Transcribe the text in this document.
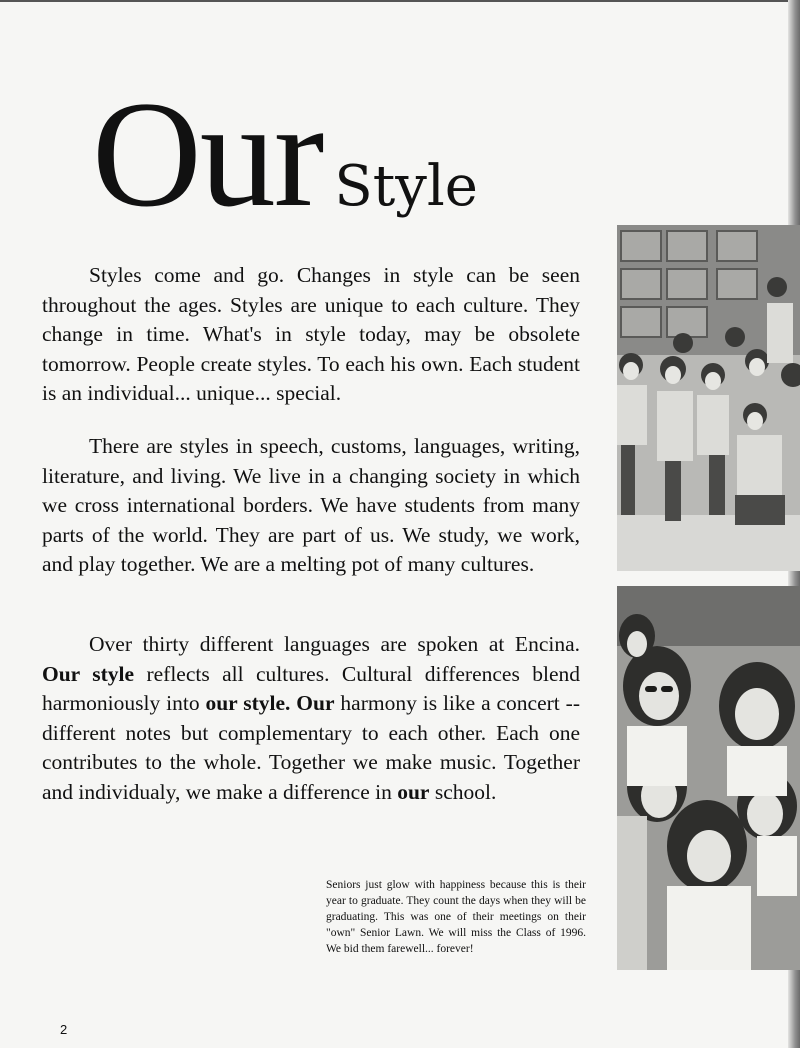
Our Style

Styles come and go. Changes in style can be seen throughout the ages. Styles are unique to each culture. They change in time. What's in style today, may be obsolete tomorrow. People create styles. To each his own. Each student is an individual... unique... special.

There are styles in speech, customs, languages, writing, literature, and living. We live in a changing society in which we cross international borders. We have students from many parts of the world. They are part of us. We study, we work, and play together. We are a melting pot of many cultures.

Over thirty different languages are spoken at Encina. Our style reflects all cultures. Cultural differences blend harmoniously into our style. Our harmony is like a concert -- different notes but complementary to each other. Each one contributes to the whole. Together we make music. Together and individualy, we make a difference in our school.

Seniors just glow with happiness because this is their year to graduate. They count the days when they will be graduating. This was one of their meetings on their "own" Senior Lawn. We will miss the Class of 1996. We bid them farewell... forever!

2
